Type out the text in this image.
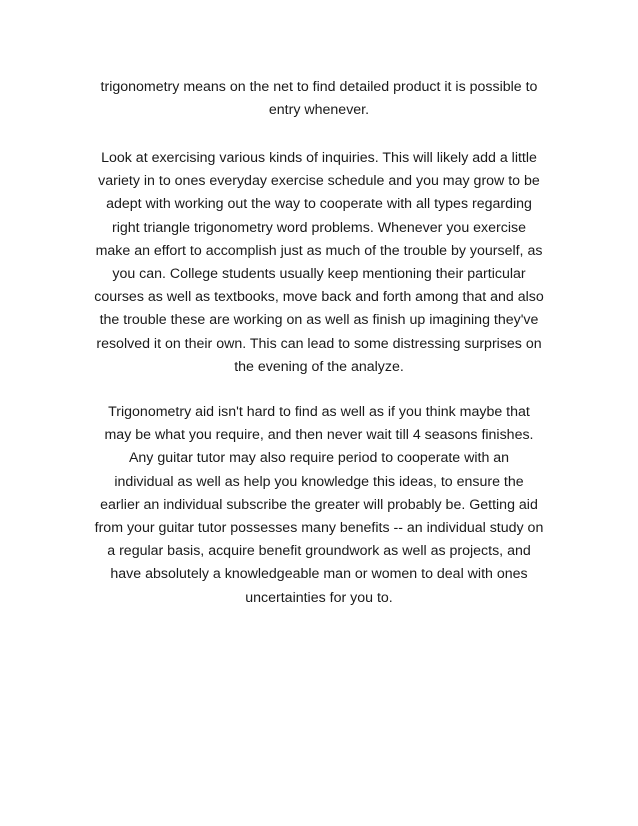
trigonometry means on the net to find detailed product it is possible to
entry whenever.
Look at exercising various kinds of inquiries. This will likely add a little
variety in to ones everyday exercise schedule and you may grow to be
adept with working out the way to cooperate with all types regarding
right triangle trigonometry word problems. Whenever you exercise
make an effort to accomplish just as much of the trouble by yourself, as
you can. College students usually keep mentioning their particular
courses as well as textbooks, move back and forth among that and also
the trouble these are working on as well as finish up imagining they've
resolved it on their own. This can lead to some distressing surprises on
the evening of the analyze.
Trigonometry aid isn't hard to find as well as if you think maybe that
may be what you require, and then never wait till 4 seasons finishes.
Any guitar tutor may also require period to cooperate with an
individual as well as help you knowledge this ideas, to ensure the
earlier an individual subscribe the greater will probably be. Getting aid
from your guitar tutor possesses many benefits -- an individual study on
a regular basis, acquire benefit groundwork as well as projects, and
have absolutely a knowledgeable man or women to deal with ones
uncertainties for you to.
